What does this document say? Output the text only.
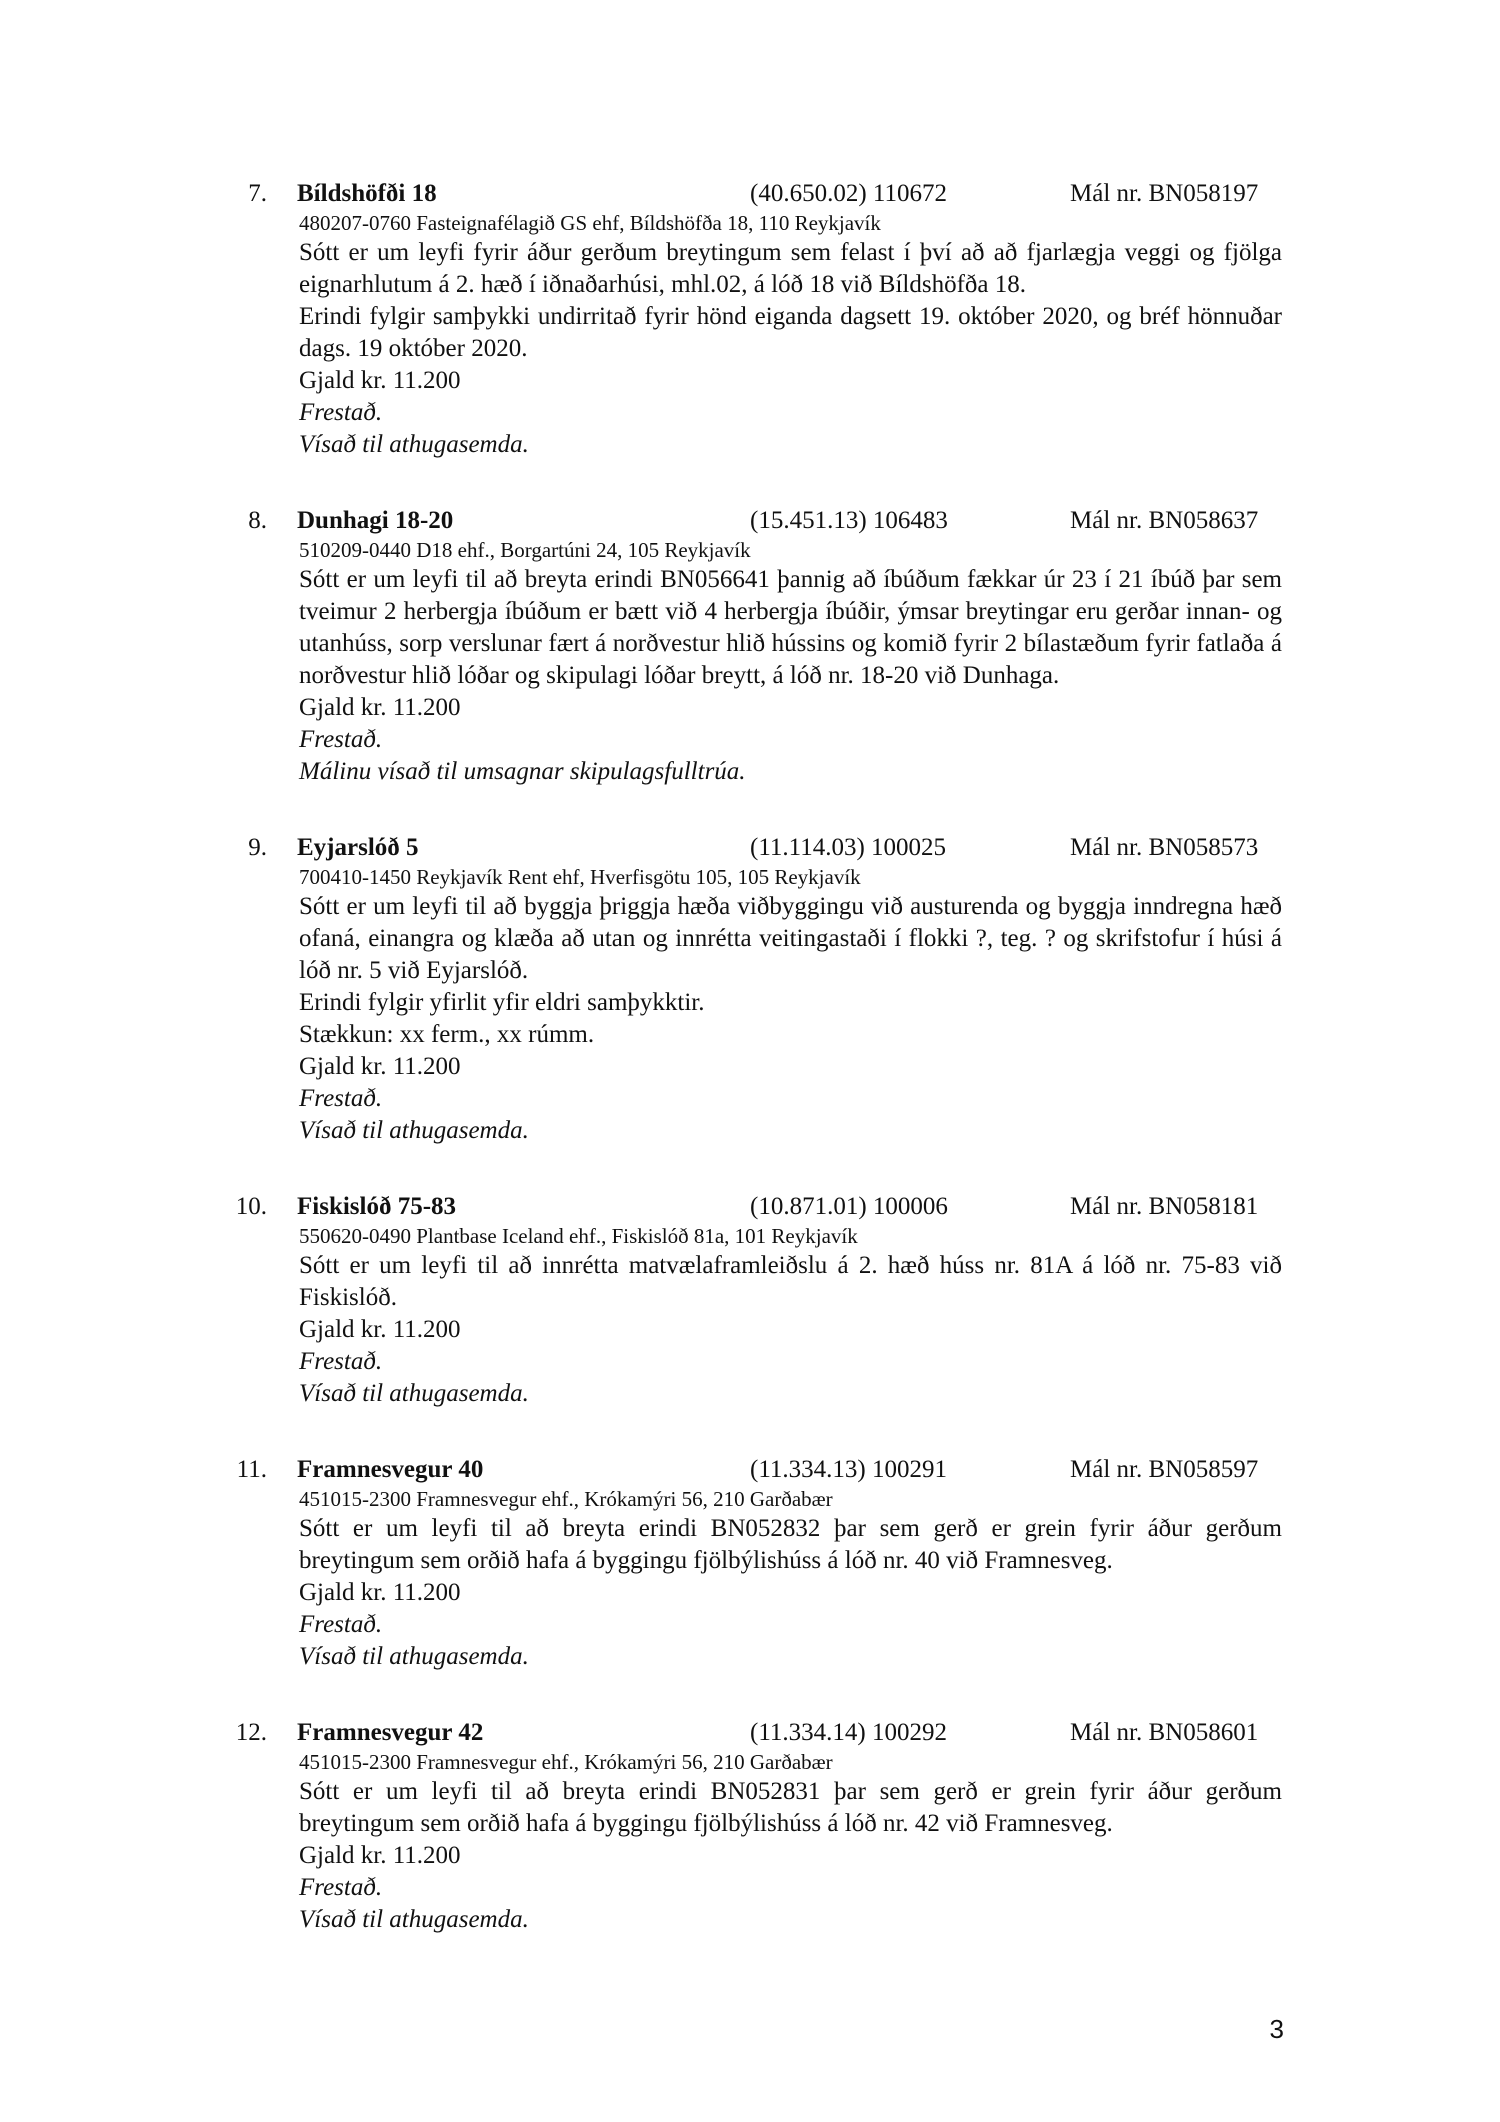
7. Bíldshöfði 18	(40.650.02) 110672	Mál nr. BN058197
480207-0760 Fasteignafélagið GS ehf, Bíldshöfða 18, 110 Reykjavík
Sótt er um leyfi fyrir áður gerðum breytingum sem felast í því að að fjarlægja veggi og fjölga eignarhlutum á 2. hæð í iðnaðarhúsi, mhl.02, á lóð 18 við Bíldshöfða 18.
Erindi fylgir samþykki undirritað fyrir hönd eiganda dagsett 19. október 2020, og bréf hönnuðar dags. 19 október 2020.
Gjald kr. 11.200
Frestað.
Vísað til athugasemda.
8. Dunhagi 18-20	(15.451.13) 106483	Mál nr. BN058637
510209-0440 D18 ehf., Borgartúni 24, 105 Reykjavík
Sótt er um leyfi til að breyta erindi BN056641 þannig að íbúðum fækkar úr 23 í 21 íbúð þar sem tveimur 2 herbergja íbúðum er bætt við 4 herbergja íbúðir, ýmsar breytingar eru gerðar innan- og utanhúss, sorp verslunar fært á norðvestur hlið hússins og komið fyrir 2 bílastæðum fyrir fatlaða á norðvestur hlið lóðar og skipulagi lóðar breytt, á lóð nr. 18-20 við Dunhaga.
Gjald kr. 11.200
Frestað.
Málinu vísað til umsagnar skipulagsfulltrúa.
9. Eyjarslóð 5	(11.114.03) 100025	Mál nr. BN058573
700410-1450 Reykjavík Rent ehf, Hverfisgötu 105, 105 Reykjavík
Sótt er um leyfi til að byggja þriggja hæða viðbyggingu við austurenda og byggja inndregna hæð ofaná, einangra og klæða að utan og innrétta veitingastaði í flokki ?, teg. ? og skrifstofur í húsi á lóð nr. 5 við Eyjarslóð.
Erindi fylgir yfirlit yfir eldri samþykktir.
Stækkun: xx ferm., xx rúmm.
Gjald kr. 11.200
Frestað.
Vísað til athugasemda.
10. Fiskislóð 75-83	(10.871.01) 100006	Mál nr. BN058181
550620-0490 Plantbase Iceland ehf., Fiskislóð 81a, 101 Reykjavík
Sótt er um leyfi til að innrétta matvælaframleiðslu á 2. hæð húss nr. 81A á lóð nr. 75-83 við Fiskislóð.
Gjald kr. 11.200
Frestað.
Vísað til athugasemda.
11. Framnesvegur 40	(11.334.13) 100291	Mál nr. BN058597
451015-2300 Framnesvegur ehf., Krókamýri 56, 210 Garðabær
Sótt er um leyfi til að breyta erindi BN052832 þar sem gerð er grein fyrir áður gerðum breytingum sem orðið hafa á byggingu fjölbýlishúss á lóð nr. 40 við Framnesveg.
Gjald kr. 11.200
Frestað.
Vísað til athugasemda.
12. Framnesvegur 42	(11.334.14) 100292	Mál nr. BN058601
451015-2300 Framnesvegur ehf., Krókamýri 56, 210 Garðabær
Sótt er um leyfi til að breyta erindi BN052831 þar sem gerð er grein fyrir áður gerðum breytingum sem orðið hafa á byggingu fjölbýlishúss á lóð nr. 42 við Framnesveg.
Gjald kr. 11.200
Frestað.
Vísað til athugasemda.
3
